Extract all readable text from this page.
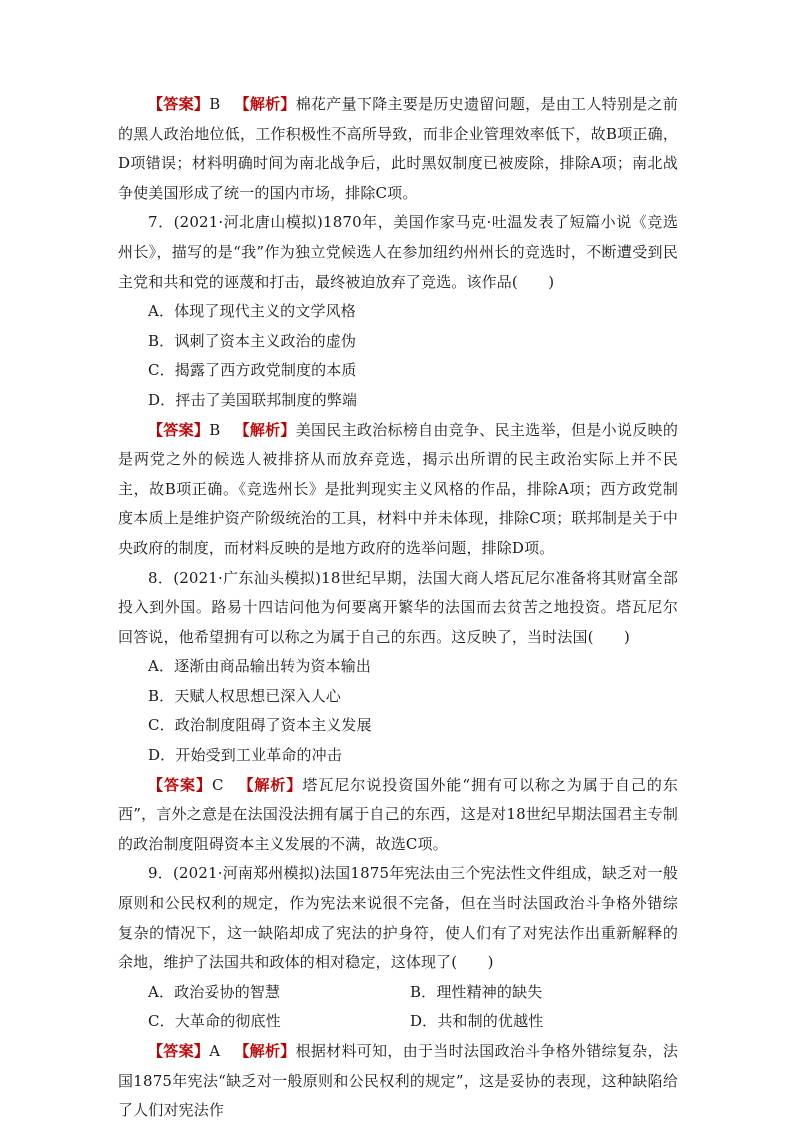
【答案】B 【解析】棉花产量下降主要是历史遗留问题，是由工人特别是之前的黑人政治地位低，工作积极性不高所导致，而非企业管理效率低下，故B项正确，D项错误；材料明确时间为南北战争后，此时黑奴制度已被废除，排除A项；南北战争使美国形成了统一的国内市场，排除C项。

7．(2021·河北唐山模拟)1870年，美国作家马克·吐温发表了短篇小说《竞选州长》，描写的是“我”作为独立党候选人在参加纽约州州长的竞选时，不断遭受到民主党和共和党的诬蔑和打击，最终被迫放弃了竞选。该作品(　　)

A．体现了现代主义的文学风格

B．讽刺了资本主义政治的虚伪

C．揭露了西方政党制度的本质

D．抨击了美国联邦制度的弊端

【答案】B 【解析】美国民主政治标榜自由竞争、民主选举，但是小说反映的是两党之外的候选人被排挤从而放弃竞选，揭示出所谓的民主政治实际上并不民主，故B项正确。《竞选州长》是批判现实主义风格的作品，排除A项；西方政党制度本质上是维护资产阶级统治的工具，材料中并未体现，排除C项；联邦制是关于中央政府的制度，而材料反映的是地方政府的选举问题，排除D项。

8．(2021·广东汕头模拟)18世纪早期，法国大商人塔瓦尼尔准备将其财富全部投入到外国。路易十四诘问他为何要离开繁华的法国而去贫苦之地投资。塔瓦尼尔回答说，他希望拥有可以称之为属于自己的东西。这反映了，当时法国(　　)

A．逐渐由商品输出转为资本输出

B．天赋人权思想已深入人心

C．政治制度阻碍了资本主义发展

D．开始受到工业革命的冲击

【答案】C 【解析】塔瓦尼尔说投资国外能“拥有可以称之为属于自己的东西”，言外之意是在法国没法拥有属于自己的东西，这是对18世纪早期法国君主专制的政治制度阻碍资本主义发展的不满，故选C项。

9．(2021·河南郑州模拟)法国1875年宪法由三个宪法性文件组成，缺乏对一般原则和公民权利的规定，作为宪法来说很不完备，但在当时法国政治斗争格外错综复杂的情况下，这一缺陷却成了宪法的护身符，使人们有了对宪法作出重新解释的余地，维护了法国共和政体的相对稳定，这体现了(　　)

A．政治妥协的智慧	B．理性精神的缺失
C．大革命的彻底性	D．共和制的优越性

【答案】A 【解析】根据材料可知，由于当时法国政治斗争格外错综复杂，法国1875年宪法“缺乏对一般原则和公民权利的规定”，这是妥协的表现，这种缺陷给了人们对宪法作
